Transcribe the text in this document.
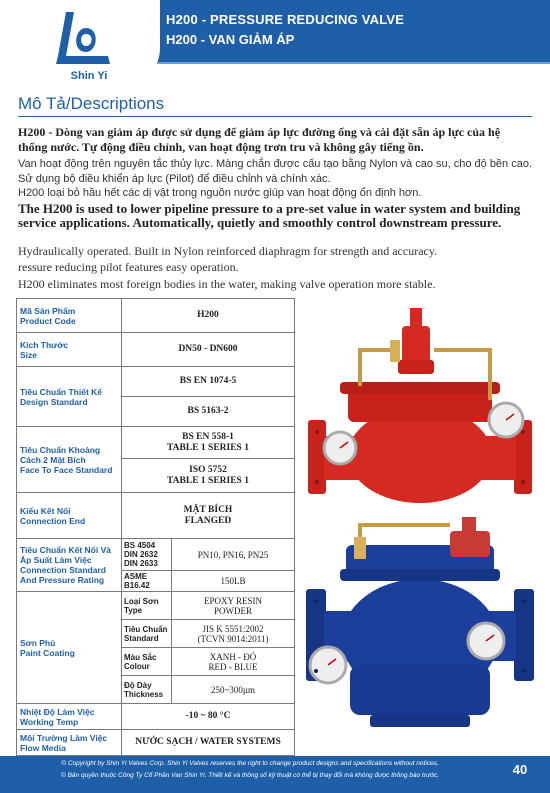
Shin Yi
H200 - PRESSURE REDUCING VALVE
H200 - VAN GIẢM ÁP
Mô Tả/Descriptions
H200 - Dòng van giảm áp được sử dụng để giảm áp lực đường ống và cài đặt sẵn áp lực của hệ thống nước. Tự động điều chỉnh, van hoạt động trơn tru và không gây tiếng ồn.
Van hoạt động trên nguyên tắc thủy lực. Màng chắn được cấu tạo bằng Nylon và cao su, cho độ bền cao. Sử dụng bộ điều khiển áp lực (Pilot) để điều chỉnh và chính xác.
H200 loại bỏ hầu hết các dị vật trong nguồn nước giúp van hoạt động ổn định hơn.
The H200 is used to lower pipeline pressure to a pre-set value in water system and building service applications. Automatically, quietly and smoothly control downstream pressure.
Hydraulically operated. Built in Nylon reinforced diaphragm for strength and accuracy.
ressure reducing pilot features easy operation.
H200 eliminates most foreign bodies in the water, making valve operation more stable.
Mã Sản Phẩm
Product Code	H200	
Kích Thước
Size	DN50 - DN600	
Tiêu Chuẩn Thiết Kế
Design Standard	BS EN 1074-5	
	BS 5163-2	
Tiêu Chuẩn Khoảng Cách 2 Mặt Bích
Face To Face Standard	BS EN 558-1
TABLE 1 SERIES 1	
	ISO 5752
TABLE 1 SERIES 1	
Kiểu Kết Nối
Connection End	MẶT BÍCH
FLANGED	
Tiêu Chuẩn Kết Nối Và Áp Suất Làm Việc
Connection Standard And Pressure Rating	BS 4504
DIN 2632
DIN 2633	PN10, PN16, PN25
	ASME B16.42	150LB
Sơn Phủ
Paint Coating	Loại Sơn
Type	EPOXY RESIN
POWDER
	Tiêu Chuẩn
Standard	JIS K 5551:2002
(TCVN 9014:2011)
	Màu Sắc
Colour	XANH - ĐỎ
RED - BLUE
	Độ Dày
Thickness	250~300µm
Nhiệt Độ Làm Việc
Working Temp	-10 ~ 80 °C	
Môi Trường Làm Việc
Flow Media	NƯỚC SẠCH / WATER SYSTEMS	
© Copyright by Shin Yi Valves Corp. Shin Yi Valves reserves the right to change product designs and specifications without notices.
© Bản quyền thuộc Công Ty Cổ Phần Van Shin Yi. Thiết kế và thông số kỹ thuật có thể bị thay đổi mà không được thông báo trước.	40
